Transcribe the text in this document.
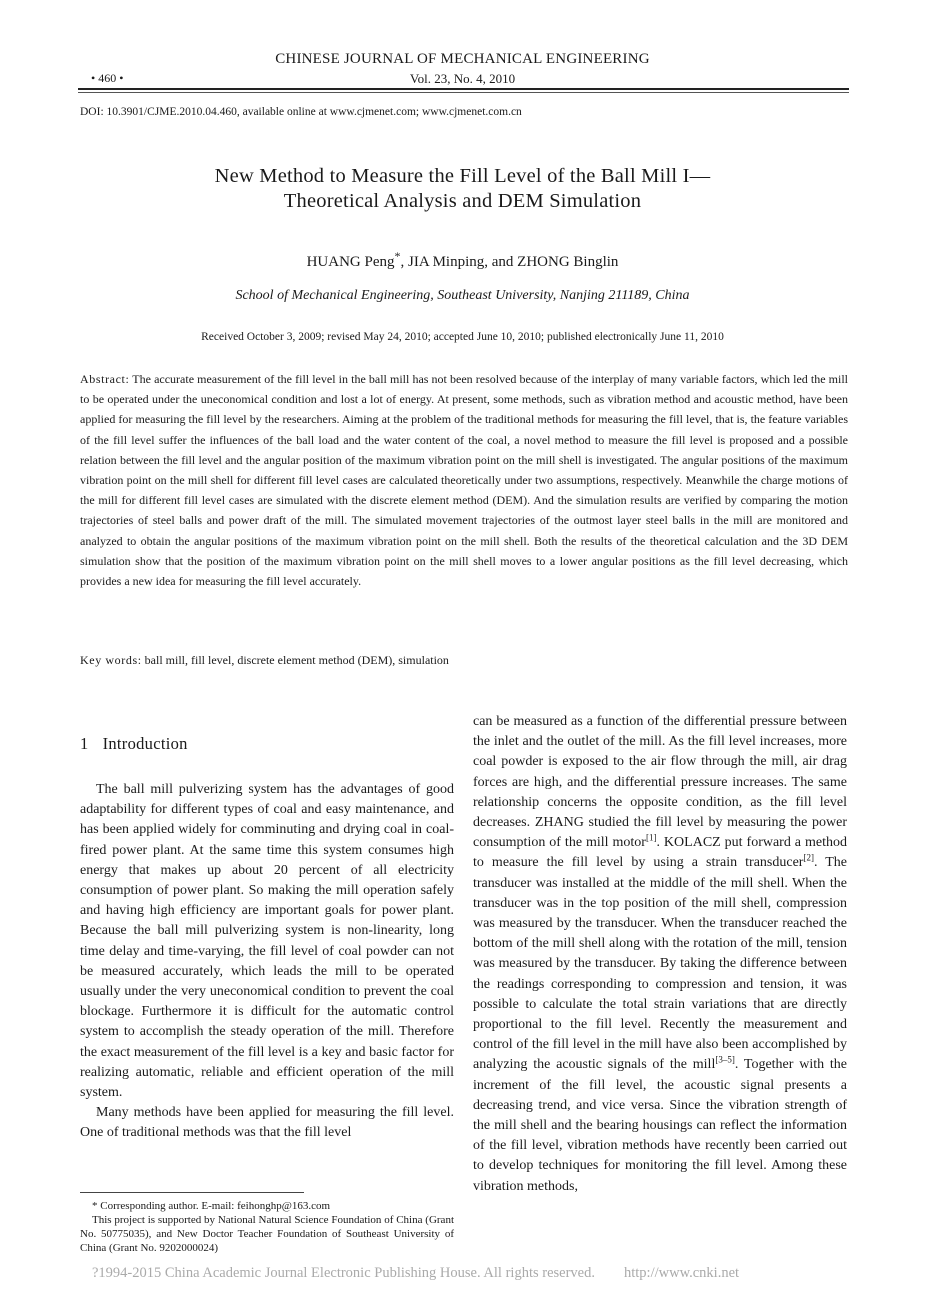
CHINESE JOURNAL OF MECHANICAL ENGINEERING
• 460 •	Vol. 23, No. 4, 2010
DOI: 10.3901/CJME.2010.04.460, available online at www.cjmenet.com; www.cjmenet.com.cn
New Method to Measure the Fill Level of the Ball Mill I—
Theoretical Analysis and DEM Simulation
HUANG Peng*, JIA Minping, and ZHONG Binglin
School of Mechanical Engineering, Southeast University, Nanjing 211189, China
Received October 3, 2009; revised May 24, 2010; accepted June 10, 2010; published electronically June 11, 2010
Abstract: The accurate measurement of the fill level in the ball mill has not been resolved because of the interplay of many variable factors, which led the mill to be operated under the uneconomical condition and lost a lot of energy. At present, some methods, such as vibration method and acoustic method, have been applied for measuring the fill level by the researchers. Aiming at the problem of the traditional methods for measuring the fill level, that is, the feature variables of the fill level suffer the influences of the ball load and the water content of the coal, a novel method to measure the fill level is proposed and a possible relation between the fill level and the angular position of the maximum vibration point on the mill shell is investigated. The angular positions of the maximum vibration point on the mill shell for different fill level cases are calculated theoretically under two assumptions, respectively. Meanwhile the charge motions of the mill for different fill level cases are simulated with the discrete element method (DEM). And the simulation results are verified by comparing the motion trajectories of steel balls and power draft of the mill. The simulated movement trajectories of the outmost layer steel balls in the mill are monitored and analyzed to obtain the angular positions of the maximum vibration point on the mill shell. Both the results of the theoretical calculation and the 3D DEM simulation show that the position of the maximum vibration point on the mill shell moves to a lower angular positions as the fill level decreasing, which provides a new idea for measuring the fill level accurately.
Key words: ball mill, fill level, discrete element method (DEM), simulation
1 Introduction

The ball mill pulverizing system has the advantages of good adaptability for different types of coal and easy maintenance, and has been applied widely for comminuting and drying coal in coal-fired power plant. At the same time this system consumes high energy that makes up about 20 percent of all electricity consumption of power plant. So making the mill operation safely and having high efficiency are important goals for power plant. Because the ball mill pulverizing system is non-linearity, long time delay and time-varying, the fill level of coal powder can not be measured accurately, which leads the mill to be operated usually under the very uneconomical condition to prevent the coal blockage. Furthermore it is difficult for the automatic control system to accomplish the steady operation of the mill. Therefore the exact measurement of the fill level is a key and basic factor for realizing automatic, reliable and efficient operation of the mill system.

Many methods have been applied for measuring the fill level. One of traditional methods was that the fill level

can be measured as a function of the differential pressure between the inlet and the outlet of the mill. As the fill level increases, more coal powder is exposed to the air flow through the mill, air drag forces are high, and the differential pressure increases. The same relationship concerns the opposite condition, as the fill level decreases. ZHANG studied the fill level by measuring the power consumption of the mill motor[1]. KOLACZ put forward a method to measure the fill level by using a strain transducer[2]. The transducer was installed at the middle of the mill shell. When the transducer was in the top position of the mill shell, compression was measured by the transducer. When the transducer reached the bottom of the mill shell along with the rotation of the mill, tension was measured by the transducer. By taking the difference between the readings corresponding to compression and tension, it was possible to calculate the total strain variations that are directly proportional to the fill level. Recently the measurement and control of the fill level in the mill have also been accomplished by analyzing the acoustic signals of the mill[3–5]. Together with the increment of the fill level, the acoustic signal presents a decreasing trend, and vice versa. Since the vibration strength of the mill shell and the bearing housings can reflect the information of the fill level, vibration methods have recently been carried out to develop techniques for monitoring the fill level. Among these vibration methods,

* Corresponding author. E-mail: feihonghp@163.com

This project is supported by National Natural Science Foundation of China (Grant No. 50775035), and New Doctor Teacher Foundation of Southeast University of China (Grant No. 9202000024)

?1994-2015 China Academic Journal Electronic Publishing House. All rights reserved. http://www.cnki.net
